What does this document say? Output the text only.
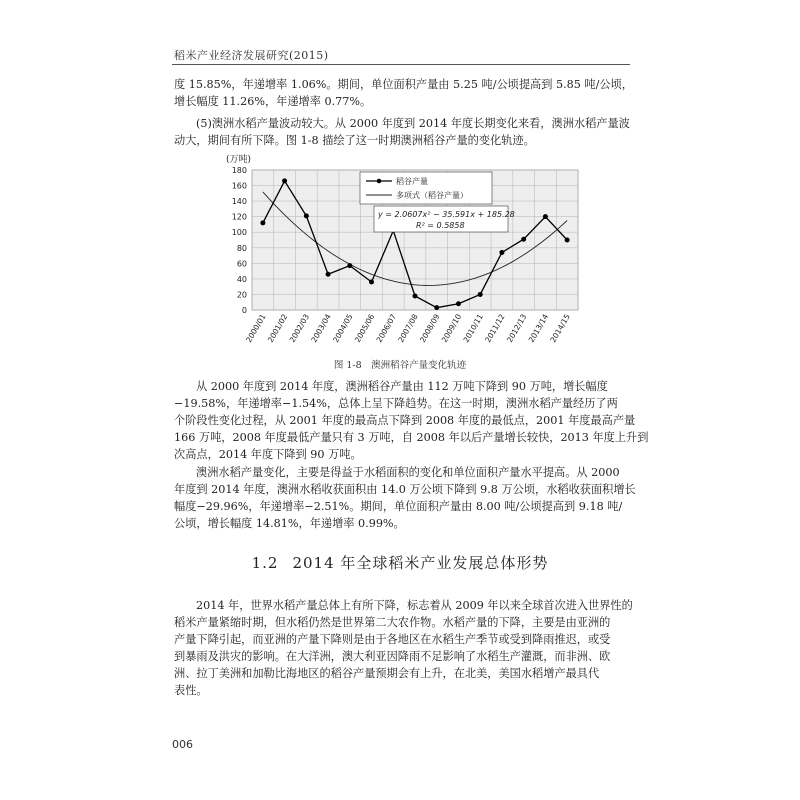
稻米产业经济发展研究(2015)

度 15.85%，年递增率 1.06%。期间，单位面积产量由 5.25 吨/公顷提高到 5.85 吨/公顷，
增长幅度 11.26%，年递增率 0.77%。

(5)澳洲水稻产量波动较大。从 2000 年度到 2014 年度长期变化来看，澳洲水稻产量波
动大，期间有所下降。图 1-8 描绘了这一时期澳洲稻谷产量的变化轨迹。

0
20
40
60
80
100
120
140
160
180
2000/01
2001/02
2002/03
2003/04
2004/05
2005/06
2006/07
2007/08
2008/09
2009/10
2010/11
2011/12
2012/13
2013/14
2014/15
(万吨)
稻谷产量
多项式（稻谷产量）
y = 2.0607x² − 35.591x + 185.28
R² = 0.5858
图 1-8　澳洲稻谷产量变化轨迹

从 2000 年度到 2014 年度，澳洲稻谷产量由 112 万吨下降到 90 万吨，增长幅度
−19.58%，年递增率−1.54%，总体上呈下降趋势。在这一时期，澳洲水稻产量经历了两
个阶段性变化过程，从 2001 年度的最高点下降到 2008 年度的最低点，2001 年度最高产量
166 万吨，2008 年度最低产量只有 3 万吨，自 2008 年以后产量增长较快，2013 年度上升到
次高点，2014 年度下降到 90 万吨。

澳洲水稻产量变化，主要是得益于水稻面积的变化和单位面积产量水平提高。从 2000
年度到 2014 年度，澳洲水稻收获面积由 14.0 万公顷下降到 9.8 万公顷，水稻收获面积增长
幅度−29.96%，年递增率−2.51%。期间，单位面积产量由 8.00 吨/公顷提高到 9.18 吨/
公顷，增长幅度 14.81%，年递增率 0.99%。

1.2 2014 年全球稻米产业发展总体形势

2014 年，世界水稻产量总体上有所下降，标志着从 2009 年以来全球首次进入世界性的
稻米产量紧缩时期，但水稻仍然是世界第二大农作物。水稻产量的下降，主要是由亚洲的
产量下降引起，而亚洲的产量下降则是由于各地区在水稻生产季节或受到降雨推迟，或受
到暴雨及洪灾的影响。在大洋洲，澳大利亚因降雨不足影响了水稻生产灌溉，而非洲、欧
洲、拉丁美洲和加勒比海地区的稻谷产量预期会有上升，在北美，美国水稻增产最具代
表性。

006
